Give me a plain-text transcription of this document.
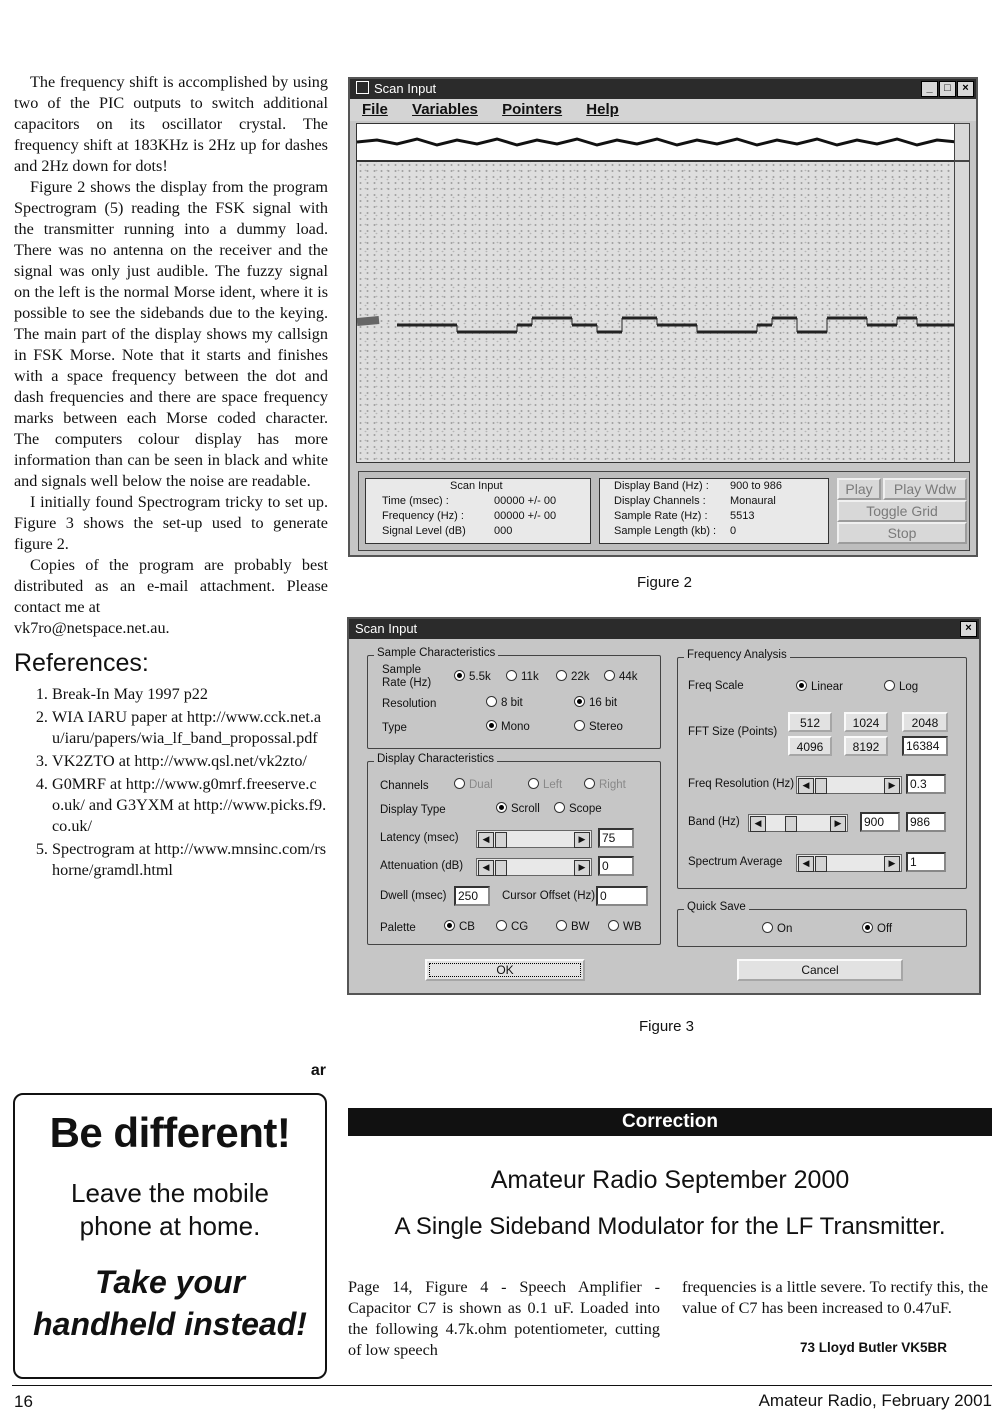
The frequency shift is accomplished by using two of the PIC outputs to switch additional capacitors on its oscillator crystal. The frequency shift at 183KHz is 2Hz up for dashes and 2Hz down for dots!

Figure 2 shows the display from the program Spectrogram (5) reading the FSK signal with the transmitter running into a dummy load. There was no antenna on the receiver and the signal was only just audible. The fuzzy signal on the left is the normal Morse ident, where it is possible to see the sidebands due to the keying. The main part of the display shows my callsign in FSK Morse. Note that it starts and finishes with a space frequency between the dot and dash frequencies and there are space frequency marks between each Morse coded character. The computers colour display has more information than can be seen in black and white and signals well below the noise are readable.

I initially found Spectrogram tricky to set up. Figure 3 shows the set-up used to generate figure 2.

Copies of the program are probably best distributed as an e-mail attachment. Please contact me at

vk7ro@netspace.net.au.

References:
1. Break-In May 1997 p22
2. WIA IARU paper at http://www.cck.net.au/iaru/papers/wia_lf_band_propossal.pdf
3. VK2ZTO at http://www.qsl.net/vk2zto/
4. G0MRF at http://www.g0mrf.freeserve.co.uk/ and G3YXM at http://www.picks.f9.co.uk/
5. Spectrogram at http://www.mnsinc.com/rshorne/gramdl.html
ar
Be different!
Leave the mobile phone at home.
Take your handheld instead!
Scan Input	_	□	×
File Variables Pointers Help
Scan Input
Time (msec) :	00000 +/- 00
Frequency (Hz) :	00000 +/- 00
Signal Level (dB)	000
Display Band (Hz) : 900 to 986
Display Channels : Monaural
Sample Rate (Hz) : 5513
Sample Length (kb) : 0
Play	Play Wdw
Toggle Grid
Stop
Figure 2
Scan Input	×
Sample Characteristics
Sample Rate (Hz)	5.5k	11k	22k	44k
Resolution	8 bit	16 bit
Type	Mono	Stereo
Display Characteristics
Channels	Dual	Left	Right
Display Type	Scroll	Scope
Latency (msec)	◀	▶	75
Attenuation (dB)	◀	▶	0
Dwell (msec) 250	Cursor Offset (Hz) 0
Palette	CB	CG	BW	WB
Frequency Analysis
Freq Scale	Linear	Log
FFT Size (Points)
512	1024	2048
4096	8192	16384
Freq Resolution (Hz) ◀	▶	0.3
Band (Hz)	◀	▶	900	986
Spectrum Average	◀	▶	1
Quick Save
On	Off
OK	Cancel
Figure 3
Correction
Amateur Radio September 2000
A Single Sideband Modulator for the LF Transmitter.
Page 14, Figure 4 - Speech Amplifier - Capacitor C7 is shown as 0.1 uF. Loaded into the following 4.7k.ohm potentiometer, cutting of low speech
frequencies is a little severe. To rectify this, the value of C7 has been increased to 0.47uF.
73 Lloyd Butler VK5BR
16	Amateur Radio, February 2001
